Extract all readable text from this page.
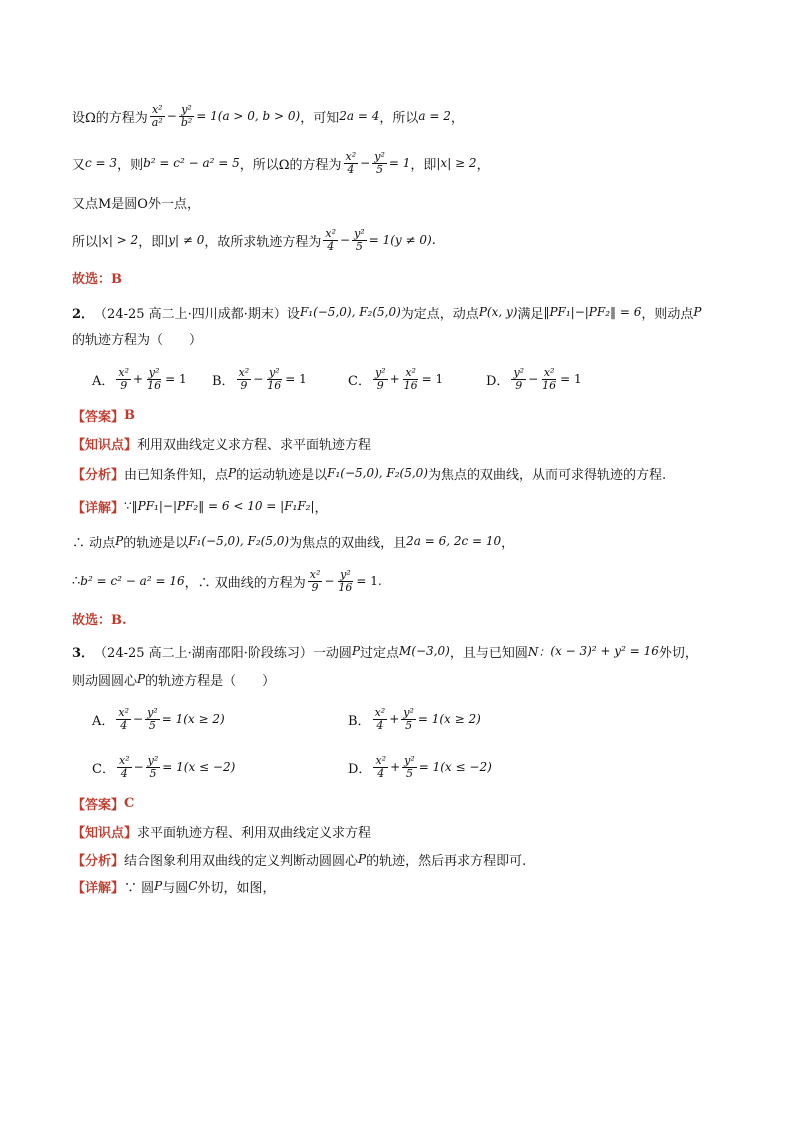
设Ω的方程为 $\frac{\text{x²}}{\text{a²}} - \frac{\text{y²}}{\text{b²}} = 1(a > 0$, b > 0) ，可知 2a = 4 ，所以 a = 2 ，
又 c = 3 ，则 b² = c² − a² = 5 ，所以Ω的方程为 $\frac{\text{x²}}{4} - \frac{\text{y²}}{5} = 1$ ，即 |x| ≥ 2 ，
又点M是圆O外一点，
所以 |x| > 2 ，即 |y| ≠ 0 ，故所求轨迹方程为 $\frac{\text{x²}}{4} - \frac{\text{y²}}{5} = 1(y \ne 0)$ .
故选：B
2． （24-25 高二上·四川成都·期末） 设 F₁(−5,0), F₂(5,0) 为定点，动点 P(x, y) 满足 ‖PF₁|−|PF₂‖ = 6 ，则动点 P
的轨迹方程为（　　）
A． $\frac{\text{x²}}{9} + \frac{\text{y²}}{16} = 1$ B． $\frac{\text{x²}}{9} - \frac{\text{y²}}{16} = 1$	C． $\frac{\text{y²}}{9} + \frac{\text{x²}}{16} = 1$	D． $\frac{\text{y²}}{9} - \frac{\text{x²}}{16} = 1$
【答案】 B
【知识点】 利用双曲线定义求方程、求平面轨迹方程
【分析】 由已知条件知，点 P 的运动轨迹是以 F₁(−5,0), F₂(5,0) 为焦点的双曲线，从而可求得轨迹的方程.
【详解】 ∵ ‖PF₁|−|PF₂‖ = 6 < 10 = |F₁F₂| ，
∴ 动点 P 的轨迹是以 F₁(−5,0), F₂(5,0) 为焦点的双曲线，且 2a = 6, 2c = 10 ，
∴ b² = c² − a² = 16 ，∴ 双曲线的方程为 $\frac{\text{x²}}{9} - \frac{\text{y²}}{16} = 1$.
故选：B.
3． （24-25 高二上·湖南邵阳·阶段练习） 一动圆 P 过定点 M(−3,0) ，且与已知圆 N： (x − 3)² + y² = 16 外切，
则动圆圆心 P 的轨迹方程是（　　）
A． $\frac{\text{x²}}{4} - \frac{\text{y²}}{5} = 1(x \ge 2)$	B． $\frac{\text{x²}}{4} + \frac{\text{y²}}{5} = 1(x \ge 2)$
C． $\frac{\text{x²}}{4} - \frac{\text{y²}}{5} = 1(x \le -2)$	D． $\frac{\text{x²}}{4} + \frac{\text{y²}}{5} = 1(x \le -2)$
【答案】 C
【知识点】 求平面轨迹方程、利用双曲线定义求方程
【分析】 结合图象利用双曲线的定义判断动圆圆心 P 的轨迹，然后再求方程即可.
【详解】 ∵ 圆 P 与圆 C 外切，如图，
